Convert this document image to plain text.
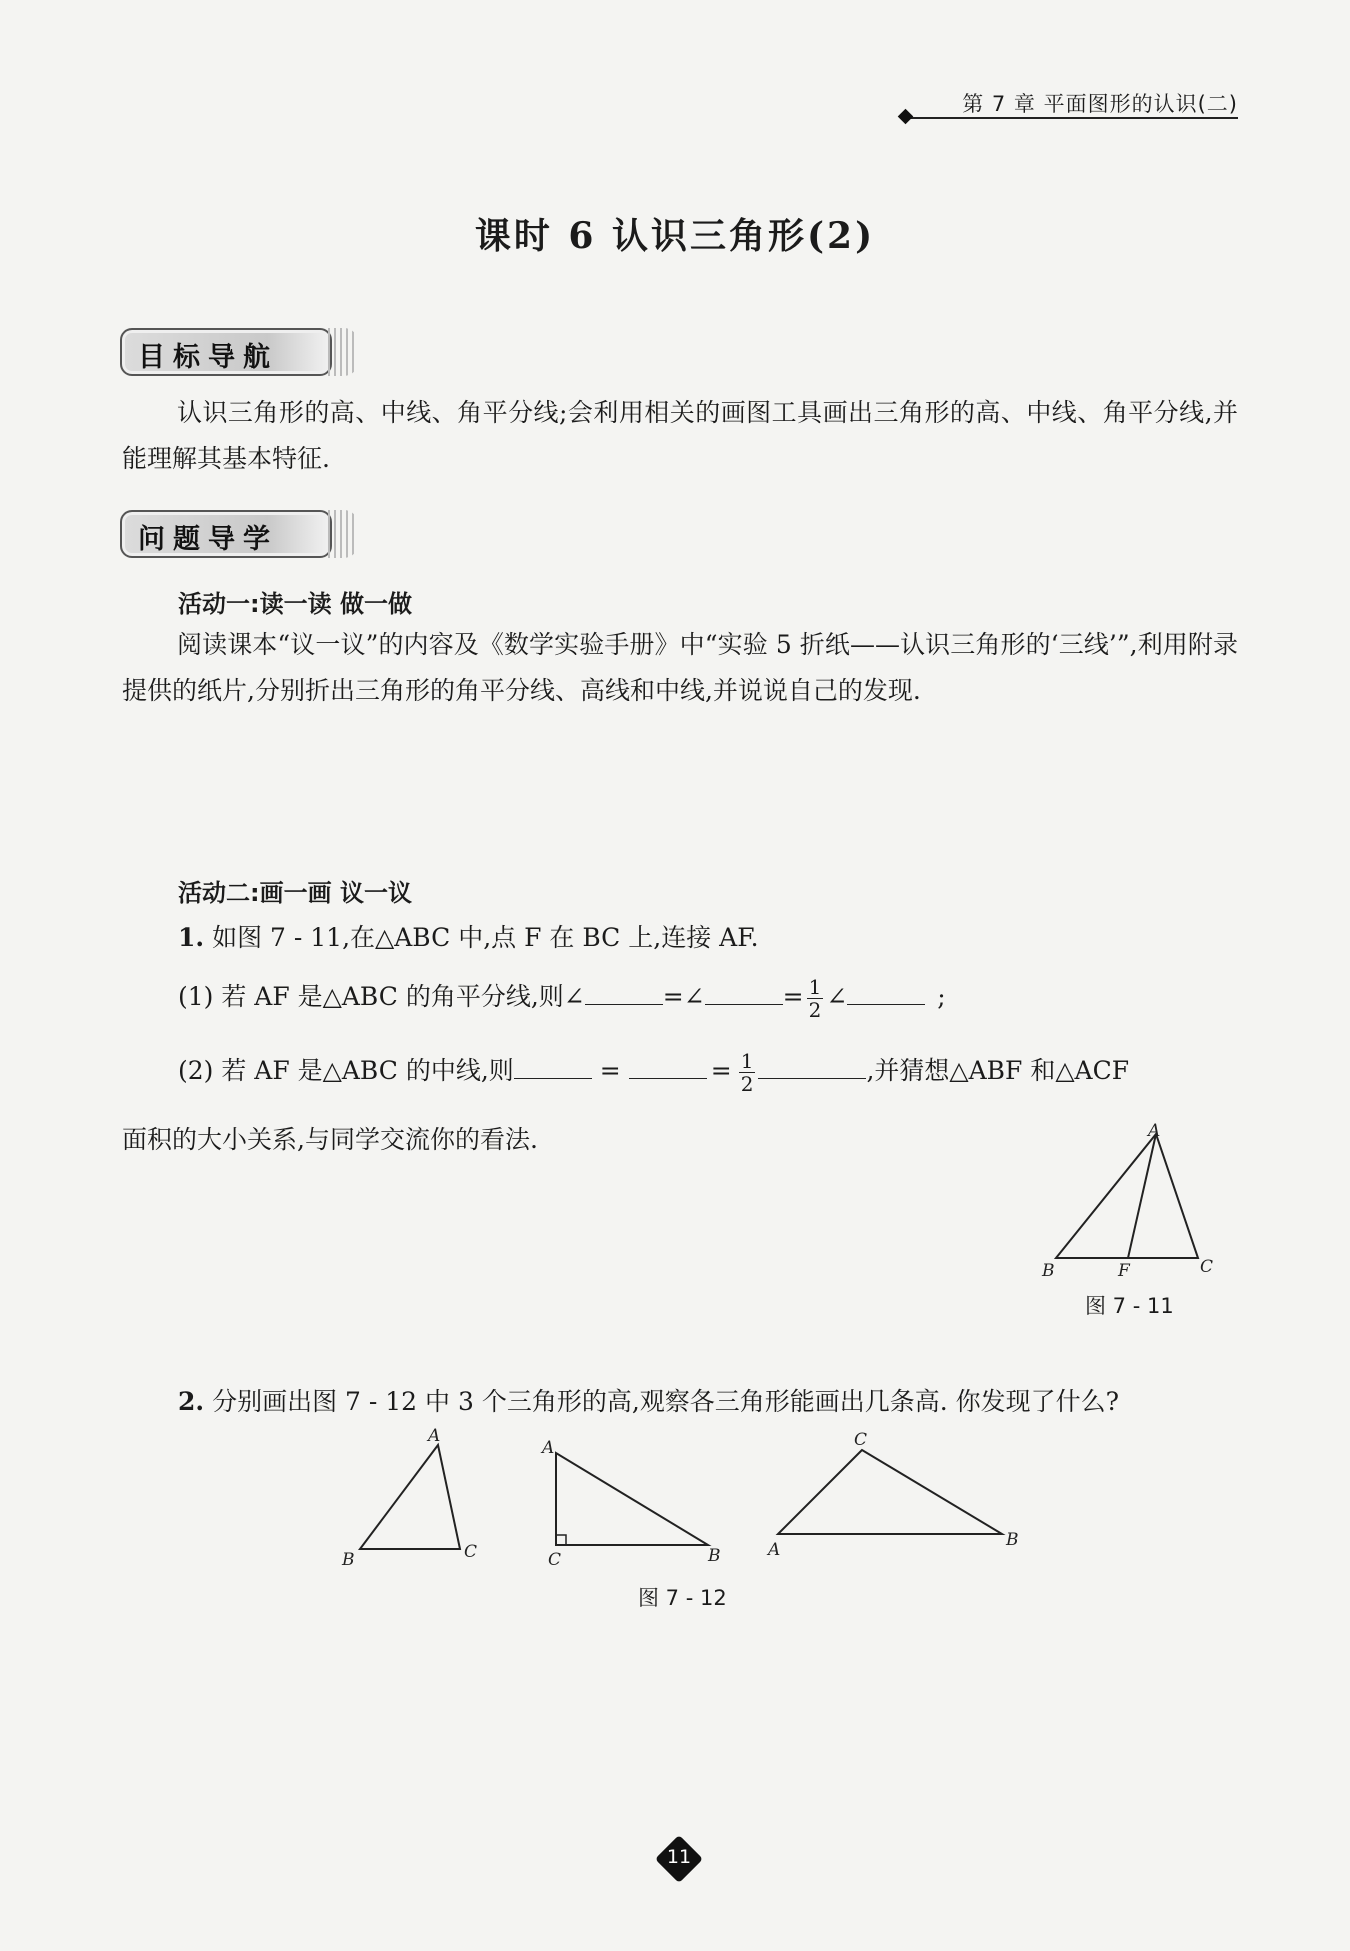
第 7 章 平面图形的认识(二)
课时 6 认识三角形(2)
目标导航
认识三角形的高、中线、角平分线;会利用相关的画图工具画出三角形的高、中线、角平分线,并能理解其基本特征.
问题导学
活动一:读一读 做一做
阅读课本“议一议”的内容及《数学实验手册》中“实验 5 折纸——认识三角形的‘三线’”,利用附录提供的纸片,分别折出三角形的角平分线、高线和中线,并说说自己的发现.
活动二:画一画 议一议
1. 如图 7 - 11,在△ABC 中,点 F 在 BC 上,连接 AF.
(1) 若 AF 是△ABC 的角平分线,则∠	=∠	= $\frac{1}{2}$ ∠	;
(2) 若 AF 是△ABC 的中线,则	=	= $\frac{1}{2}$	,并猜想△ABF 和△ACF
面积的大小关系,与同学交流你的看法.	A
B	C
F
图 7 - 11
2. 分别画出图 7 - 12 中 3 个三角形的高,观察各三角形能画出几条高. 你发现了什么?
A
B	C
A
C	B
C
A	B
图 7 - 12
11
